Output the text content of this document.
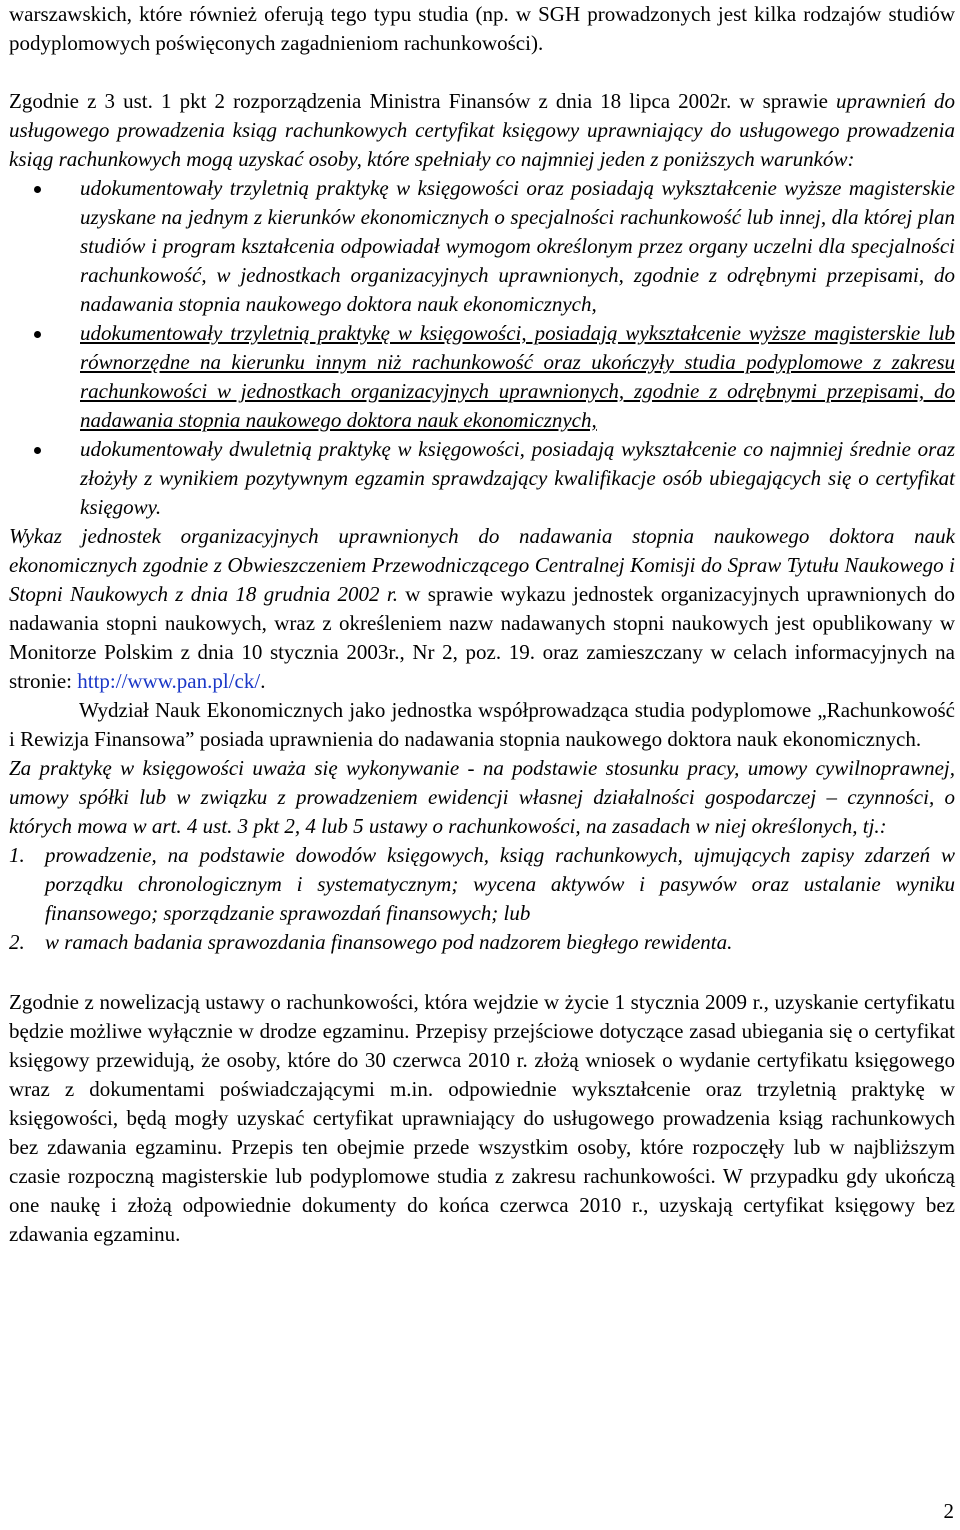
warszawskich, które również oferują tego typu studia (np. w SGH prowadzonych jest kilka rodzajów studiów podyplomowych poświęconych zagadnieniom rachunkowości).

Zgodnie z 3 ust. 1 pkt 2 rozporządzenia Ministra Finansów z dnia 18 lipca 2002r. w sprawie uprawnień do usługowego prowadzenia ksiąg rachunkowych certyfikat księgowy uprawniający do usługowego prowadzenia ksiąg rachunkowych mogą uzyskać osoby, które spełniały co najmniej jeden z poniższych warunków:

udokumentowały trzyletnią praktykę w księgowości oraz posiadają wykształcenie wyższe magisterskie uzyskane na jednym z kierunków ekonomicznych o specjalności rachunkowość lub innej, dla której plan studiów i program kształcenia odpowiadał wymogom określonym przez organy uczelni dla specjalności rachunkowość, w jednostkach organizacyjnych uprawnionych, zgodnie z odrębnymi przepisami, do nadawania stopnia naukowego doktora nauk ekonomicznych,
udokumentowały trzyletnią praktykę w księgowości, posiadają wykształcenie wyższe magisterskie lub równorzędne na kierunku innym niż rachunkowość oraz ukończyły studia podyplomowe z zakresu rachunkowości w jednostkach organizacyjnych uprawnionych, zgodnie z odrębnymi przepisami, do nadawania stopnia naukowego doktora nauk ekonomicznych,
udokumentowały dwuletnią praktykę w księgowości, posiadają wykształcenie co najmniej średnie oraz złożyły z wynikiem pozytywnym egzamin sprawdzający kwalifikacje osób ubiegających się o certyfikat księgowy.

Wykaz jednostek organizacyjnych uprawnionych do nadawania stopnia naukowego doktora nauk ekonomicznych zgodnie z Obwieszczeniem Przewodniczącego Centralnej Komisji do Spraw Tytułu Naukowego i Stopni Naukowych z dnia 18 grudnia 2002 r. w sprawie wykazu jednostek organizacyjnych uprawnionych do nadawania stopni naukowych, wraz z określeniem nazw nadawanych stopni naukowych jest opublikowany w Monitorze Polskim z dnia 10 stycznia 2003r., Nr 2, poz. 19. oraz zamieszczany w celach informacyjnych na stronie: http://www.pan.pl/ck/.

Wydział Nauk Ekonomicznych jako jednostka współprowadząca studia podyplomowe „Rachunkowość i Rewizja Finansowa” posiada uprawnienia do nadawania stopnia naukowego doktora nauk ekonomicznych.

Za praktykę w księgowości uważa się wykonywanie - na podstawie stosunku pracy, umowy cywilnoprawnej, umowy spółki lub w związku z prowadzeniem ewidencji własnej działalności gospodarczej – czynności, o których mowa w art. 4 ust. 3 pkt 2, 4 lub 5 ustawy o rachunkowości, na zasadach w niej określonych, tj.:

1. prowadzenie, na podstawie dowodów księgowych, ksiąg rachunkowych, ujmujących zapisy zdarzeń w porządku chronologicznym i systematycznym; wycena aktywów i pasywów oraz ustalanie wyniku finansowego; sporządzanie sprawozdań finansowych; lub
2. w ramach badania sprawozdania finansowego pod nadzorem biegłego rewidenta.

Zgodnie z nowelizacją ustawy o rachunkowości, która wejdzie w życie 1 stycznia 2009 r., uzyskanie certyfikatu będzie możliwe wyłącznie w drodze egzaminu. Przepisy przejściowe dotyczące zasad ubiegania się o certyfikat księgowy przewidują, że osoby, które do 30 czerwca 2010 r. złożą wniosek o wydanie certyfikatu księgowego wraz z dokumentami poświadczającymi m.in. odpowiednie wykształcenie oraz trzyletnią praktykę w księgowości, będą mogły uzyskać certyfikat uprawniający do usługowego prowadzenia ksiąg rachunkowych bez zdawania egzaminu. Przepis ten obejmie przede wszystkim osoby, które rozpoczęły lub w najbliższym czasie rozpoczną magisterskie lub podyplomowe studia z zakresu rachunkowości. W przypadku gdy ukończą one naukę i złożą odpowiednie dokumenty do końca czerwca 2010 r., uzyskają certyfikat księgowy bez zdawania egzaminu.

2
